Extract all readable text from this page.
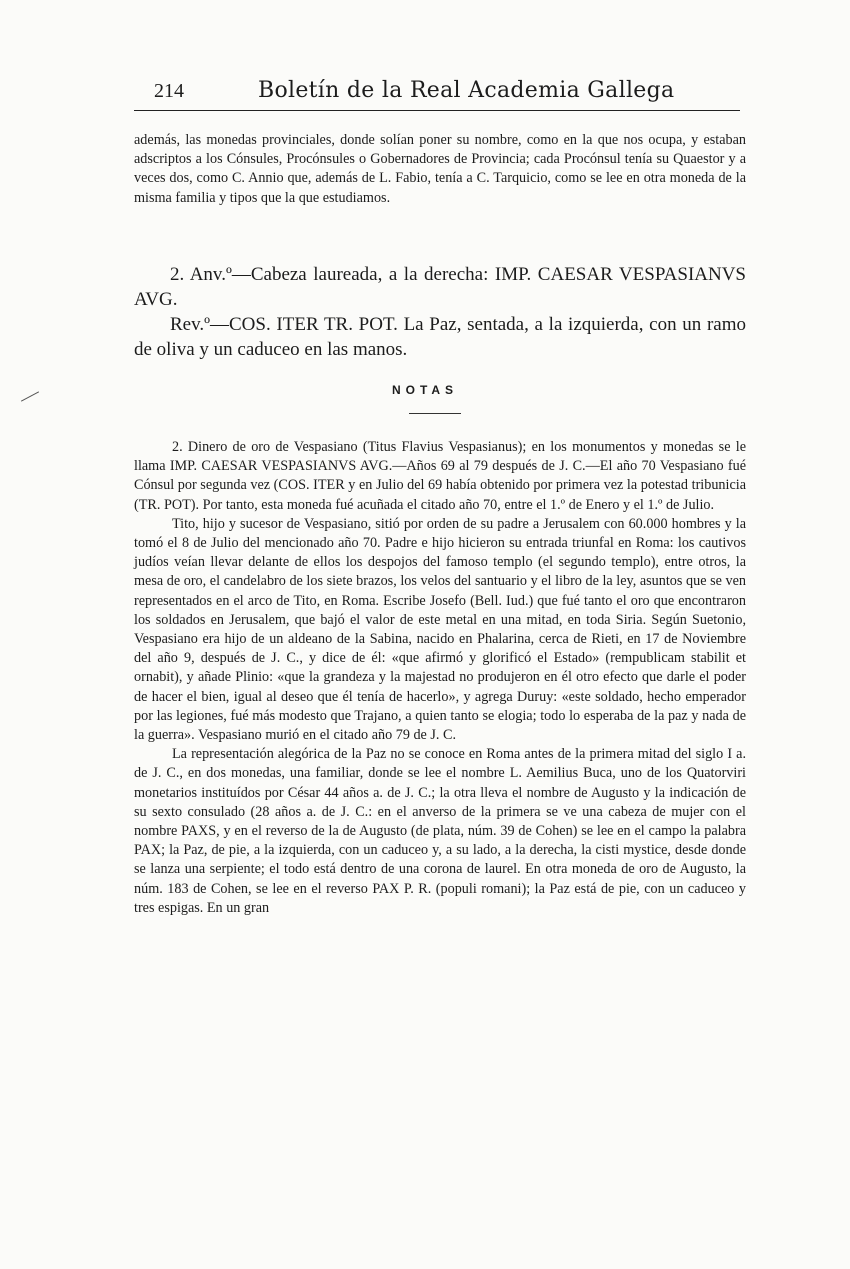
214	Boletín de la Real Academia Gallega

además, las monedas provinciales, donde solían poner su nombre, como en la que nos ocupa, y estaban adscriptos a los Cónsules, Procónsules o Gobernadores de Provincia; cada Procónsul tenía su Quaestor y a veces dos, como C. Annio que, además de L. Fabio, tenía a C. Tarquicio, como se lee en otra moneda de la misma familia y tipos que la que estudiamos.

2. Anv.º—Cabeza laureada, a la derecha: IMP. CAESAR VESPASIANVS AVG.

Rev.º—COS. ITER TR. POT. La Paz, sentada, a la izquierda, con un ramo de oliva y un caduceo en las manos.

NOTAS

2. Dinero de oro de Vespasiano (Titus Flavius Vespasianus); en los monumentos y monedas se le llama IMP. CAESAR VESPASIANVS AVG.—Años 69 al 79 después de J. C.—El año 70 Vespasiano fué Cónsul por segunda vez (COS. ITER y en Julio del 69 había obtenido por primera vez la potestad tribunicia (TR. POT). Por tanto, esta moneda fué acuñada el citado año 70, entre el 1.º de Enero y el 1.º de Julio.

Tito, hijo y sucesor de Vespasiano, sitió por orden de su padre a Jerusalem con 60.000 hombres y la tomó el 8 de Julio del mencionado año 70. Padre e hijo hicieron su entrada triunfal en Roma: los cautivos judíos veían llevar delante de ellos los despojos del famoso templo (el segundo templo), entre otros, la mesa de oro, el candelabro de los siete brazos, los velos del santuario y el libro de la ley, asuntos que se ven representados en el arco de Tito, en Roma. Escribe Josefo (Bell. Iud.) que fué tanto el oro que encontraron los soldados en Jerusalem, que bajó el valor de este metal en una mitad, en toda Siria. Según Suetonio, Vespasiano era hijo de un aldeano de la Sabina, nacido en Phalarina, cerca de Rieti, en 17 de Noviembre del año 9, después de J. C., y dice de él: «que afirmó y glorificó el Estado» (rempublicam stabilit et ornabit), y añade Plinio: «que la grandeza y la majestad no produjeron en él otro efecto que darle el poder de hacer el bien, igual al deseo que él tenía de hacerlo», y agrega Duruy: «este soldado, hecho emperador por las legiones, fué más modesto que Trajano, a quien tanto se elogia; todo lo esperaba de la paz y nada de la guerra». Vespasiano murió en el citado año 79 de J. C.

La representación alegórica de la Paz no se conoce en Roma antes de la primera mitad del siglo I a. de J. C., en dos monedas, una familiar, donde se lee el nombre L. Aemilius Buca, uno de los Quatorviri monetarios instituídos por César 44 años a. de J. C.; la otra lleva el nombre de Augusto y la indicación de su sexto consulado (28 años a. de J. C.: en el anverso de la primera se ve una cabeza de mujer con el nombre PAXS, y en el reverso de la de Augusto (de plata, núm. 39 de Cohen) se lee en el campo la palabra PAX; la Paz, de pie, a la izquierda, con un caduceo y, a su lado, a la derecha, la cisti mystice, desde donde se lanza una serpiente; el todo está dentro de una corona de laurel. En otra moneda de oro de Augusto, la núm. 183 de Cohen, se lee en el reverso PAX P. R. (populi romani); la Paz está de pie, con un caduceo y tres espigas. En un gran
